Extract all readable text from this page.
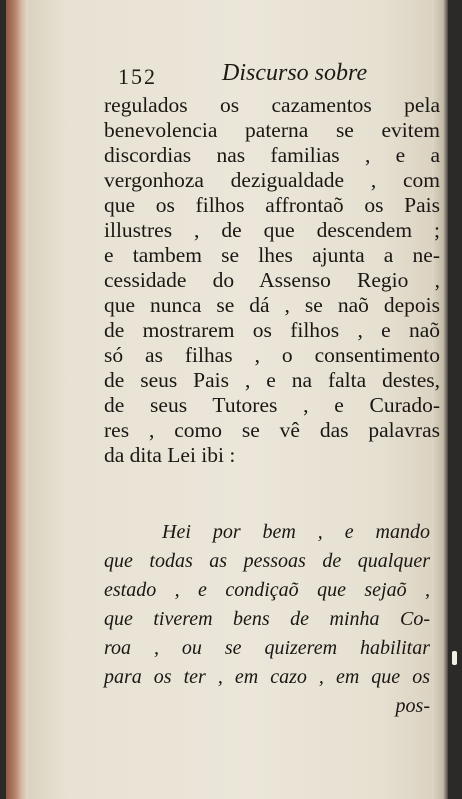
152	Discurso sobre
regulados os cazamentos pela
benevolencia paterna se evitem
discordias nas familias , e a
vergonhoza dezigualdade , com
que os filhos affrontaõ os Pais
illustres , de que descendem ;
e tambem se lhes ajunta a ne-
cessidade do Assenso Regio ,
que nunca se dá , se naõ depois
de mostrarem os filhos , e naõ
só as filhas , o consentimento
de seus Pais , e na falta destes,
de seus Tutores , e Curado-
res , como se vê das palavras
da dita Lei ibi :
Hei por bem , e mando
que todas as pessoas de qualquer
estado , e condiçaõ que sejaõ ,
que tiverem bens de minha Co-
roa , ou se quizerem habilitar
para os ter , em cazo , em que os
pos-
